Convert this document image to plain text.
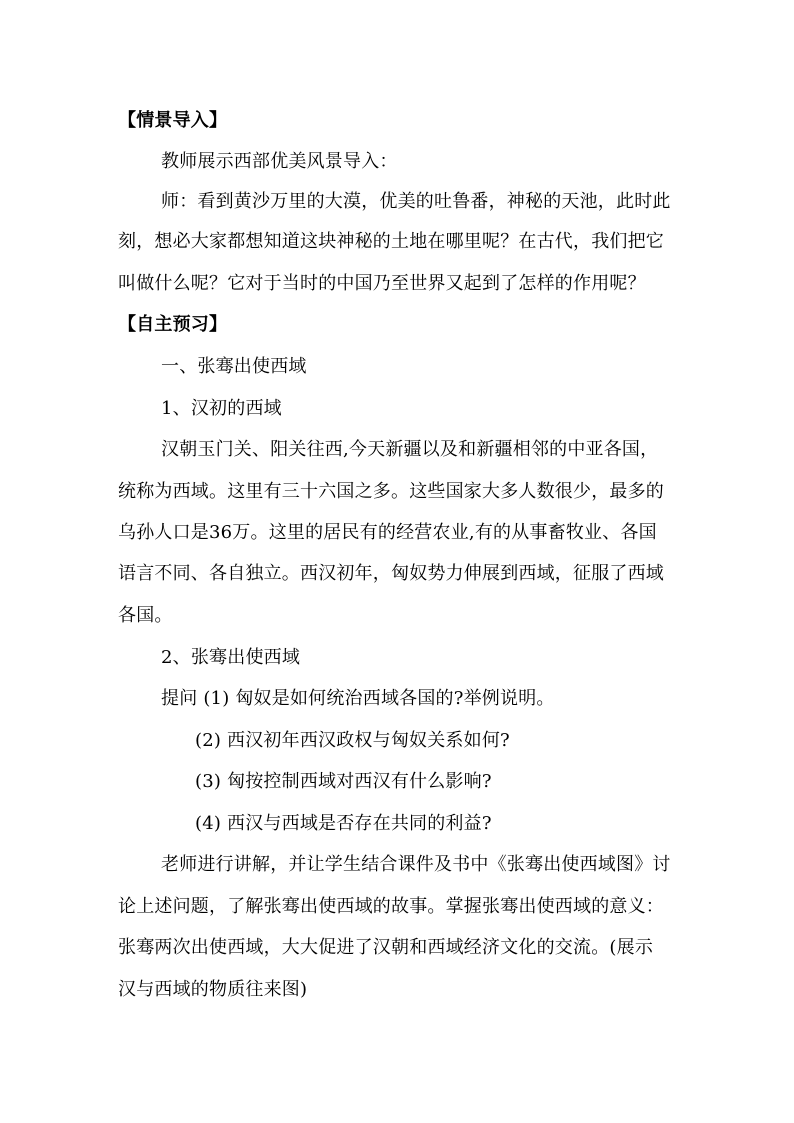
【情景导入】
教师展示西部优美风景导入：
师：看到黄沙万里的大漠，优美的吐鲁番，神秘的天池，此时此
刻，想必大家都想知道这块神秘的土地在哪里呢？在古代，我们把它
叫做什么呢？它对于当时的中国乃至世界又起到了怎样的作用呢？
【自主预习】
一、张骞出使西域
1、汉初的西域
汉朝玉门关、阳关往西,今天新疆以及和新疆相邻的中亚各国，
统称为西域。这里有三十六国之多。这些国家大多人数很少，最多的
乌孙人口是36万。这里的居民有的经营农业,有的从事畜牧业、各国
语言不同、各自独立。西汉初年，匈奴势力伸展到西域，征服了西域
各国。
2、张骞出使西域
提问 (1) 匈奴是如何统治西域各国的?举例说明。
(2) 西汉初年西汉政权与匈奴关系如何?
(3) 匈按控制西域对西汉有什么影响?
(4) 西汉与西域是否存在共同的利益?
老师进行讲解，并让学生结合课件及书中《张骞出使西域图》讨
论上述问题，了解张骞出使西域的故事。掌握张骞出使西域的意义：
张骞两次出使西域，大大促进了汉朝和西域经济文化的交流。(展示
汉与西域的物质往来图)
